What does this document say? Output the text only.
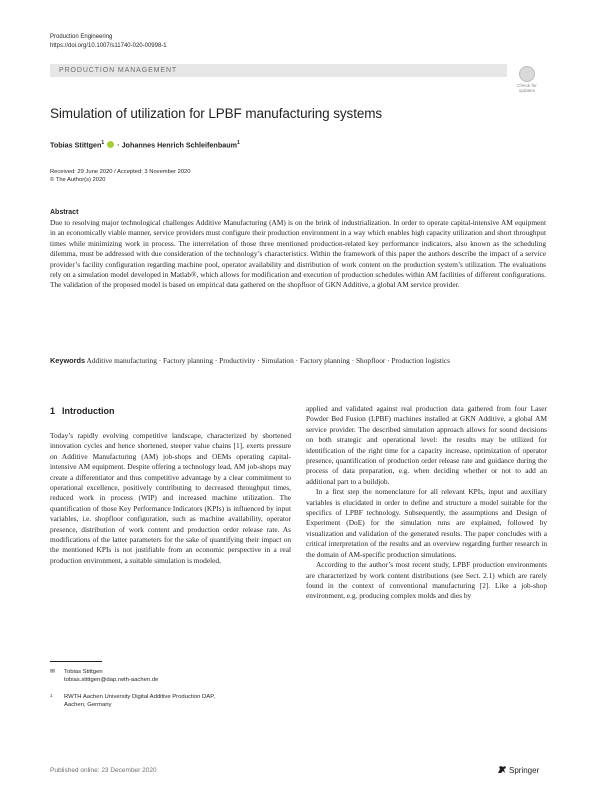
Production Engineering
https://doi.org/10.1007/s11740-020-00998-1
PRODUCTION MANAGEMENT
Check for
updates
Simulation of utilization for LPBF manufacturing systems
Tobias Stittgen$^1$ · Johannes Henrich Schleifenbaum$^1$
Received: 29 June 2020 / Accepted: 3 November 2020
© The Author(s) 2020
Abstract
Due to resolving major technological challenges Additive Manufacturing (AM) is on the brink of industrialization. In order to operate capital-intensive AM equipment in an economically viable manner, service providers must configure their production environment in a way which enables high capacity utilization and short throughput times while minimizing work in process. The interrelation of those three mentioned production-related key performance indicators, also known as the scheduling dilemma, must be addressed with due consideration of the technology’s characteristics. Within the framework of this paper the authors describe the impact of a service provider’s facility configuration regarding machine pool, operator availability and distribution of work content on the production system’s utilization. The evaluations rely on a simulation model developed in Matlab®, which allows for modification and execution of production schedules within AM facilities of different configurations. The validation of the proposed model is based on empirical data gathered on the shopfloor of GKN Additive, a global AM service provider.
Keywords Additive manufacturing · Factory planning · Productivity · Simulation · Factory planning · Shopfloor · Production logistics
1 Introduction

Today’s rapidly evolving competitive landscape, characterized by shortened innovation cycles and hence shortened, steeper value chains [1], exerts pressure on Additive Manufacturing (AM) job-shops and OEMs operating capital-intensive AM equipment. Despite offering a technology lead, AM job-shops may create a differentiator and thus competitive advantage by a clear commitment to operational excellence, positively contributing to decreased throughput times, reduced work in process (WIP) and increased machine utilization. The quantification of those Key Performance Indicators (KPIs) is influenced by input variables, i.e. shopfloor configuration, such as machine availability, operator presence, distribution of work content and production order release rate. As modifications of the latter parameters for the sake of quantifying their impact on the mentioned KPIs is not justifiable from an economic perspective in a real production environment, a suitable simulation is modeled,

applied and validated against real production data gathered from four Laser Powder Bed Fusion (LPBF) machines installed at GKN Additive, a global AM service provider. The described simulation approach allows for sound decisions on both strategic and operational level: the results may be utilized for identification of the right time for a capacity increase, optimization of operator presence, quantification of production order release rate and guidance during the process of data preparation, e.g. when deciding whether or not to add an additional part to a buildjob.

In a first step the nomenclature for all relevant KPIs, input and auxiliary variables is elucidated in order to define and structure a model suitable for the specifics of LPBF technology. Subsequently, the assumptions and Design of Experiment (DoE) for the simulation runs are explained, followed by visualization and validation of the generated results. The paper concludes with a critical interpretation of the results and an overview regarding further research in the domain of AM-specific production simulations.

According to the author’s most recent study, LPBF production environments are characterized by work content distributions (see Sect. 2.1) which are rarely found in the context of conventional manufacturing [2]. Like a job-shop environment, e.g. producing complex molds and dies by

✉ Tobias Stittgen
tobias.stittgen@dap.rwth-aachen.de
1 RWTH Aachen University Digital Additive Production DAP,
Aachen, Germany
Published online: 23 December 2020	Springer
